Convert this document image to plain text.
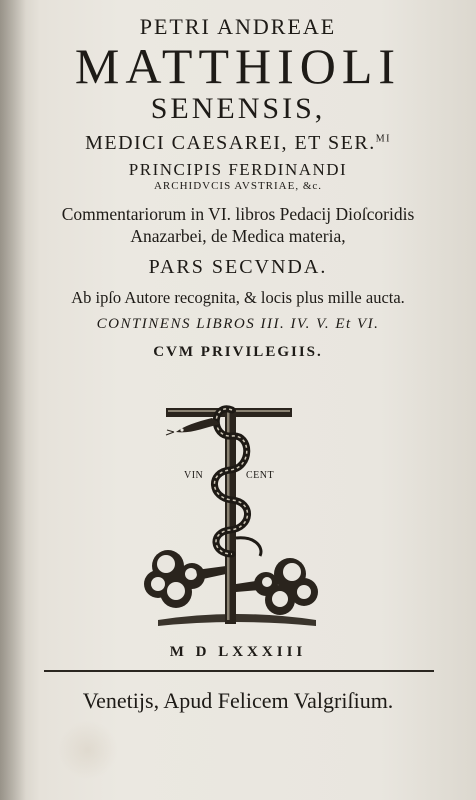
PETRI ANDREAE
MATTHIOLI
SENENSIS,
MEDICI CAESAREI, ET SER.$^{MI}$
PRINCIPIS FERDINANDI
ARCHIDVCIS AVSTRIAE, &c.
Commentariorum in VI. libros Pedacij Dioſcoridis
Anazarbei, de Medica materia,
PARS SECVNDA.
Ab ipſo Autore recognita, & locis plus mille aucta.
CONTINENS LIBROS III. IV. V. Et VI.
CVM PRIVILEGIIS.
VIN	CENT
M D LXXXIII
Venetijs, Apud Felicem Valgriſium.
